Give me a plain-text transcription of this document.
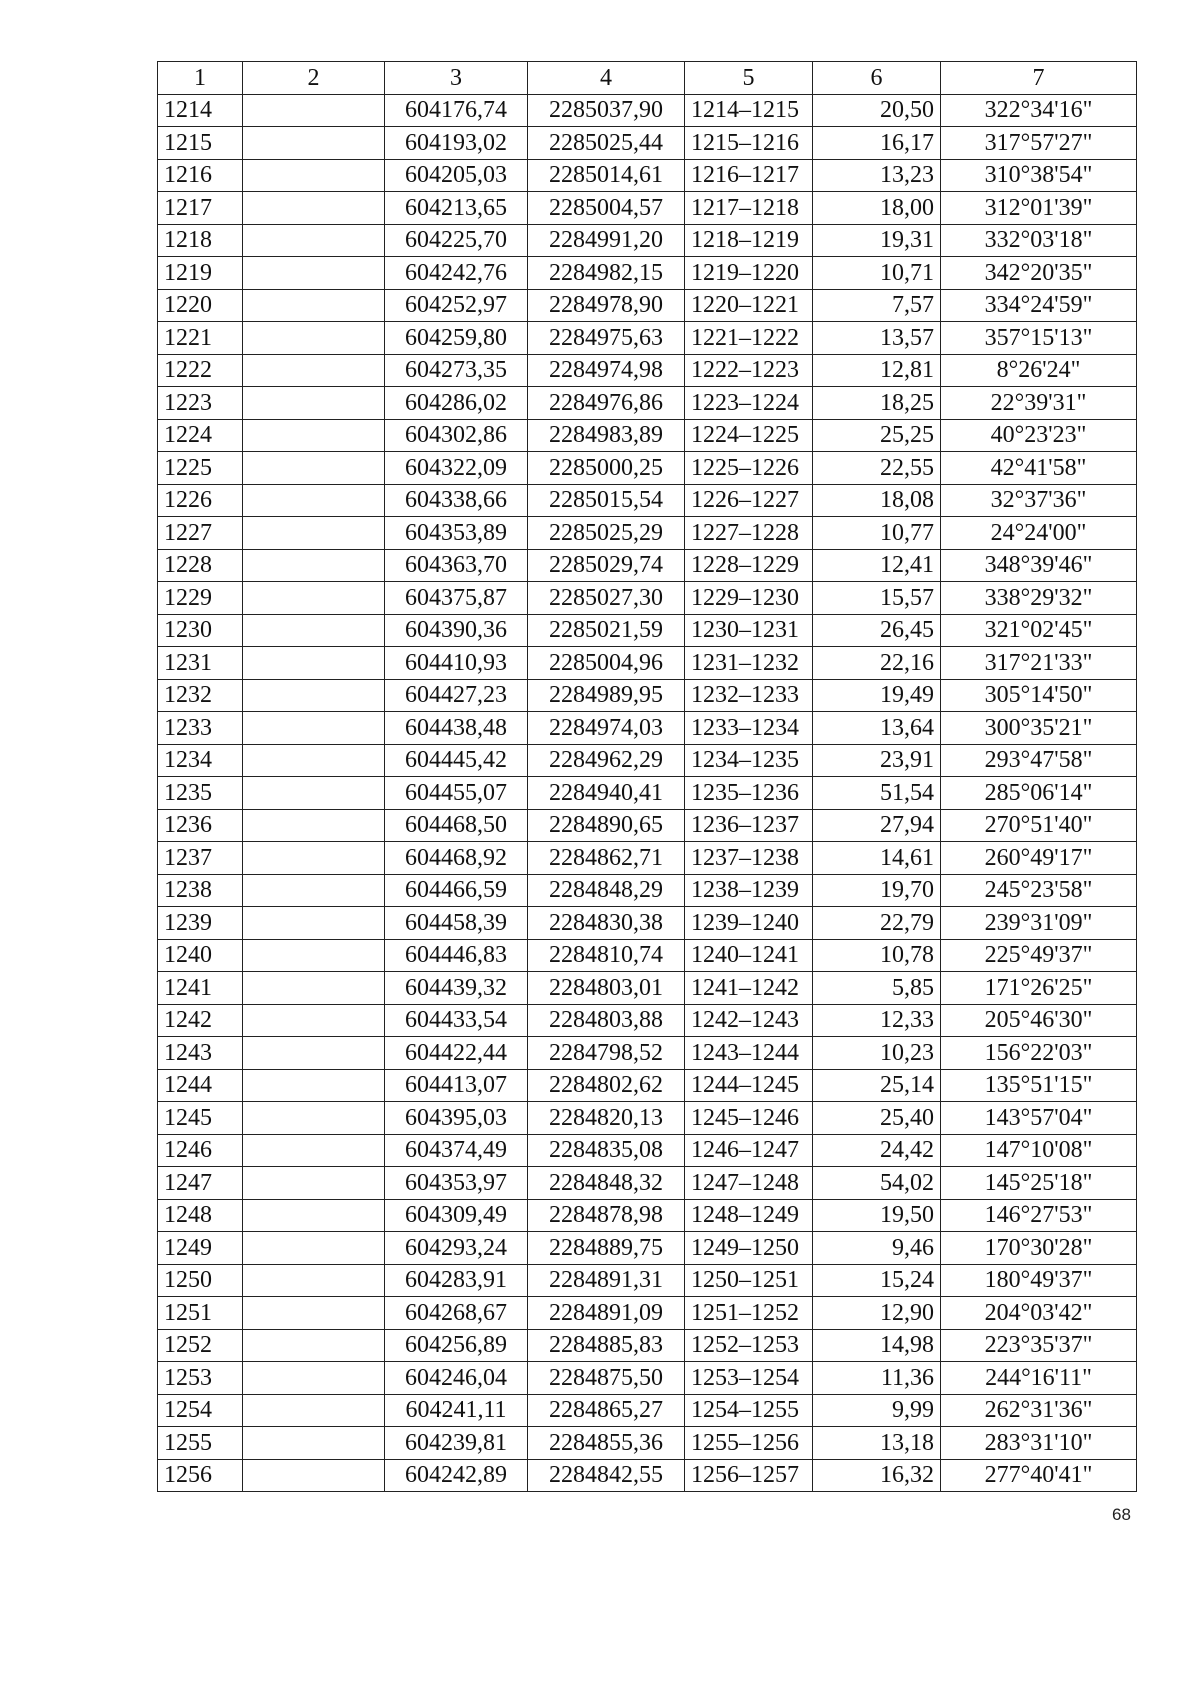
1	2	3	4	5	6	7
1214		604176,74	2285037,90	1214–1215	20,50	322°34'16"
1215		604193,02	2285025,44	1215–1216	16,17	317°57'27"
1216		604205,03	2285014,61	1216–1217	13,23	310°38'54"
1217		604213,65	2285004,57	1217–1218	18,00	312°01'39"
1218		604225,70	2284991,20	1218–1219	19,31	332°03'18"
1219		604242,76	2284982,15	1219–1220	10,71	342°20'35"
1220		604252,97	2284978,90	1220–1221	7,57	334°24'59"
1221		604259,80	2284975,63	1221–1222	13,57	357°15'13"
1222		604273,35	2284974,98	1222–1223	12,81	8°26'24"
1223		604286,02	2284976,86	1223–1224	18,25	22°39'31"
1224		604302,86	2284983,89	1224–1225	25,25	40°23'23"
1225		604322,09	2285000,25	1225–1226	22,55	42°41'58"
1226		604338,66	2285015,54	1226–1227	18,08	32°37'36"
1227		604353,89	2285025,29	1227–1228	10,77	24°24'00"
1228		604363,70	2285029,74	1228–1229	12,41	348°39'46"
1229		604375,87	2285027,30	1229–1230	15,57	338°29'32"
1230		604390,36	2285021,59	1230–1231	26,45	321°02'45"
1231		604410,93	2285004,96	1231–1232	22,16	317°21'33"
1232		604427,23	2284989,95	1232–1233	19,49	305°14'50"
1233		604438,48	2284974,03	1233–1234	13,64	300°35'21"
1234		604445,42	2284962,29	1234–1235	23,91	293°47'58"
1235		604455,07	2284940,41	1235–1236	51,54	285°06'14"
1236		604468,50	2284890,65	1236–1237	27,94	270°51'40"
1237		604468,92	2284862,71	1237–1238	14,61	260°49'17"
1238		604466,59	2284848,29	1238–1239	19,70	245°23'58"
1239		604458,39	2284830,38	1239–1240	22,79	239°31'09"
1240		604446,83	2284810,74	1240–1241	10,78	225°49'37"
1241		604439,32	2284803,01	1241–1242	5,85	171°26'25"
1242		604433,54	2284803,88	1242–1243	12,33	205°46'30"
1243		604422,44	2284798,52	1243–1244	10,23	156°22'03"
1244		604413,07	2284802,62	1244–1245	25,14	135°51'15"
1245		604395,03	2284820,13	1245–1246	25,40	143°57'04"
1246		604374,49	2284835,08	1246–1247	24,42	147°10'08"
1247		604353,97	2284848,32	1247–1248	54,02	145°25'18"
1248		604309,49	2284878,98	1248–1249	19,50	146°27'53"
1249		604293,24	2284889,75	1249–1250	9,46	170°30'28"
1250		604283,91	2284891,31	1250–1251	15,24	180°49'37"
1251		604268,67	2284891,09	1251–1252	12,90	204°03'42"
1252		604256,89	2284885,83	1252–1253	14,98	223°35'37"
1253		604246,04	2284875,50	1253–1254	11,36	244°16'11"
1254		604241,11	2284865,27	1254–1255	9,99	262°31'36"
1255		604239,81	2284855,36	1255–1256	13,18	283°31'10"
1256		604242,89	2284842,55	1256–1257	16,32	277°40'41"
68
